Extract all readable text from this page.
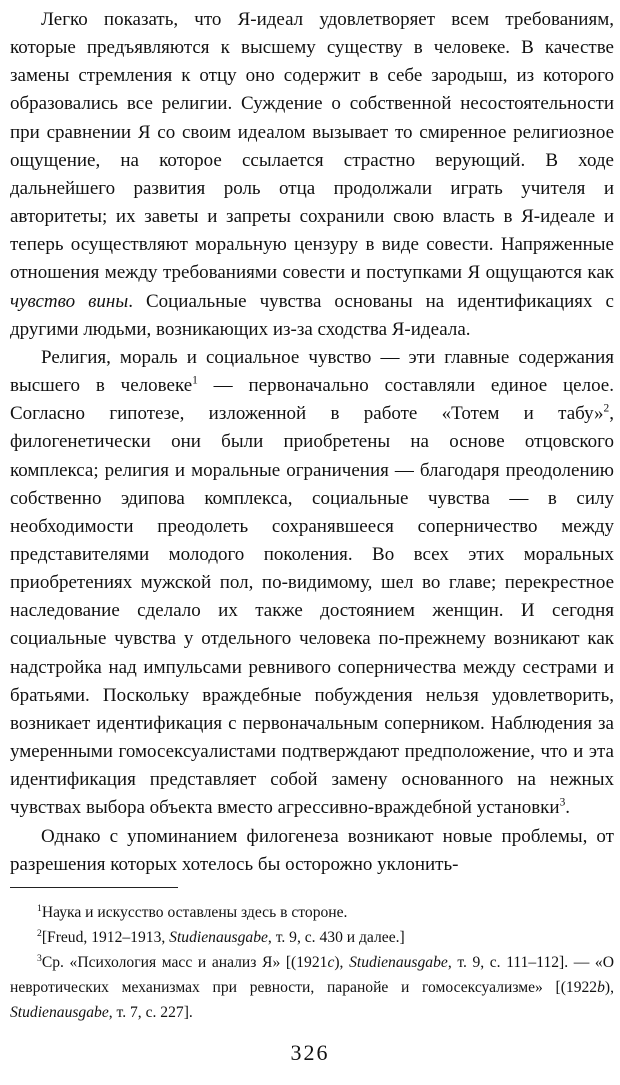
Легко показать, что Я-идеал удовлетворяет всем требованиям, которые предъявляются к высшему существу в человеке. В качестве замены стремления к отцу оно содержит в себе зародыш, из которого образовались все религии. Суждение о собственной несостоятельности при сравнении Я со своим идеалом вызывает то смиренное религиозное ощущение, на которое ссылается страстно верующий. В ходе дальнейшего развития роль отца продолжали играть учителя и авторитеты; их заветы и запреты сохранили свою власть в Я-идеале и теперь осуществляют моральную цензуру в виде совести. Напряженные отношения между требованиями совести и поступками Я ощущаются как чувство вины. Социальные чувства основаны на идентификациях с другими людьми, возникающих из-за сходства Я-идеала.

Религия, мораль и социальное чувство — эти главные содержания высшего в человеке$^1$ — первоначально составляли единое целое. Согласно гипотезе, изложенной в работе «Тотем и табу»$^2$, филогенетически они были приобретены на основе отцовского комплекса; религия и моральные ограничения — благодаря преодолению собственно эдипова комплекса, социальные чувства — в силу необходимости преодолеть сохранявшееся соперничество между представителями молодого поколения. Во всех этих моральных приобретениях мужской пол, по-видимому, шел во главе; перекрестное наследование сделало их также достоянием женщин. И сегодня социальные чувства у отдельного человека по-прежнему возникают как надстройка над импульсами ревнивого соперничества между сестрами и братьями. Поскольку враждебные побуждения нельзя удовлетворить, возникает идентификация с первоначальным соперником. Наблюдения за умеренными гомосексуалистами подтверждают предположение, что и эта идентификация представляет собой замену основанного на нежных чувствах выбора объекта вместо агрессивно-враждебной установки$^3$.

Однако с упоминанием филогенеза возникают новые проблемы, от разрешения которых хотелось бы осторожно уклонить-

$^1$Наука и искусство оставлены здесь в стороне.

$^2$[Freud, 1912–1913, Studienausgabe, т. 9, с. 430 и далее.]

$^3$Ср. «Психология масс и анализ Я» [(1921c), Studienausgabe, т. 9, с. 111–112]. — «О невротических механизмах при ревности, паранойе и гомосексуализме» [(1922b), Studienausgabe, т. 7, с. 227].

326
